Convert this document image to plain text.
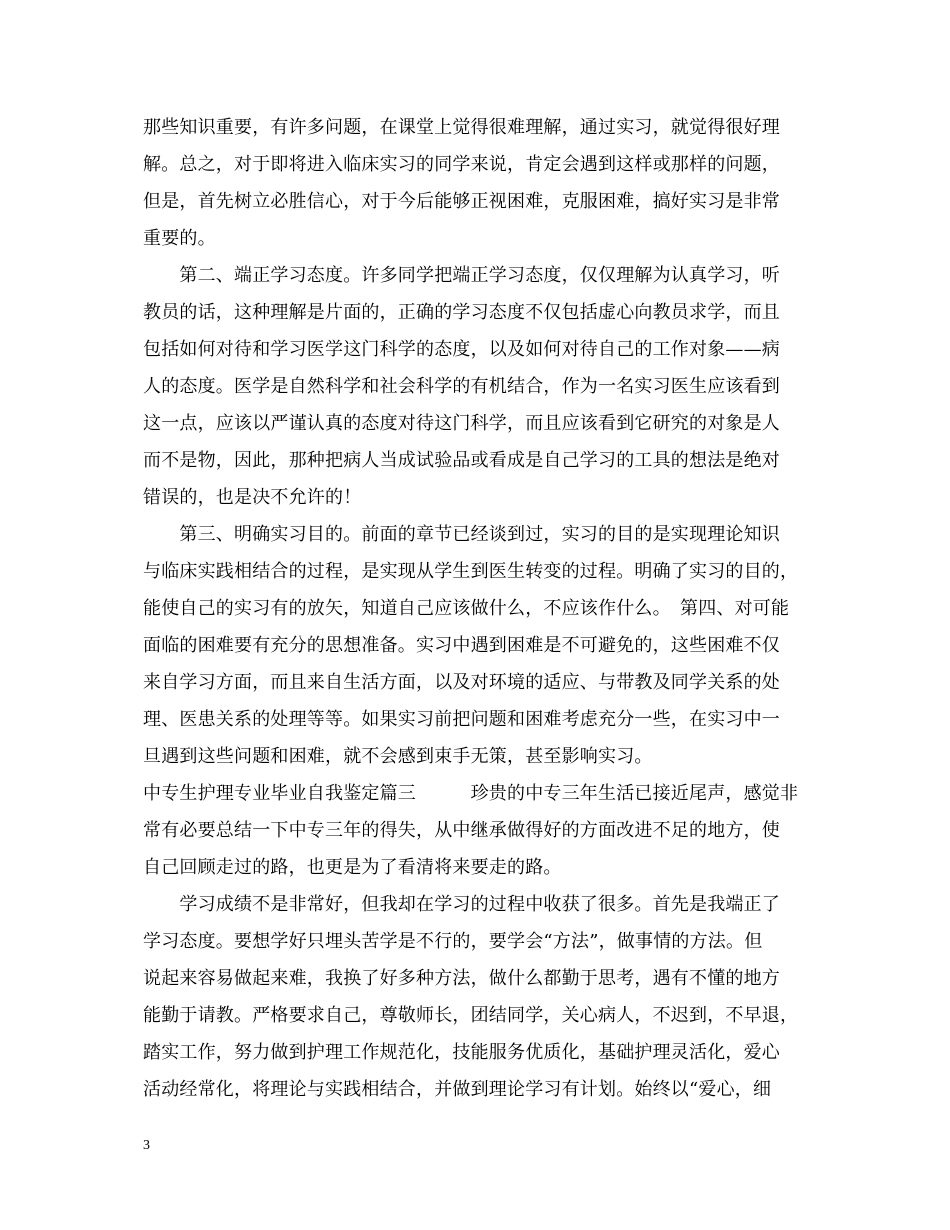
那些知识重要，有许多问题，在课堂上觉得很难理解，通过实习，就觉得很好理
解。总之，对于即将进入临床实习的同学来说，肯定会遇到这样或那样的问题，
但是，首先树立必胜信心，对于今后能够正视困难，克服困难，搞好实习是非常
重要的。
　　第二、端正学习态度。许多同学把端正学习态度，仅仅理解为认真学习，听
教员的话，这种理解是片面的，正确的学习态度不仅包括虚心向教员求学，而且
包括如何对待和学习医学这门科学的态度，以及如何对待自己的工作对象——病
人的态度。医学是自然科学和社会科学的有机结合，作为一名实习医生应该看到
这一点，应该以严谨认真的态度对待这门科学，而且应该看到它研究的对象是人
而不是物，因此，那种把病人当成试验品或看成是自己学习的工具的想法是绝对
错误的，也是决不允许的！
　　第三、明确实习目的。前面的章节已经谈到过，实习的目的是实现理论知识
与临床实践相结合的过程，是实现从学生到医生转变的过程。明确了实习的目的，
能使自己的实习有的放矢，知道自己应该做什么，不应该作什么。　第四、对可能
面临的困难要有充分的思想准备。实习中遇到困难是不可避免的，这些困难不仅
来自学习方面，而且来自生活方面，以及对环境的适应、与带教及同学关系的处
理、医患关系的处理等等。如果实习前把问题和困难考虑充分一些，在实习中一
旦遇到这些问题和困难，就不会感到束手无策，甚至影响实习。
中专生护理专业毕业自我鉴定篇三　　　珍贵的中专三年生活已接近尾声，感觉非
常有必要总结一下中专三年的得失，从中继承做得好的方面改进不足的地方，使
自己回顾走过的路，也更是为了看清将来要走的路。
　　学习成绩不是非常好，但我却在学习的过程中收获了很多。首先是我端正了
学习态度。要想学好只埋头苦学是不行的，要学会“方法”，做事情的方法。但
说起来容易做起来难，我换了好多种方法，做什么都勤于思考，遇有不懂的地方
能勤于请教。严格要求自己，尊敬师长，团结同学，关心病人，不迟到，不早退，
踏实工作，努力做到护理工作规范化，技能服务优质化，基础护理灵活化，爱心
活动经常化，将理论与实践相结合，并做到理论学习有计划。始终以“爱心，细
3
